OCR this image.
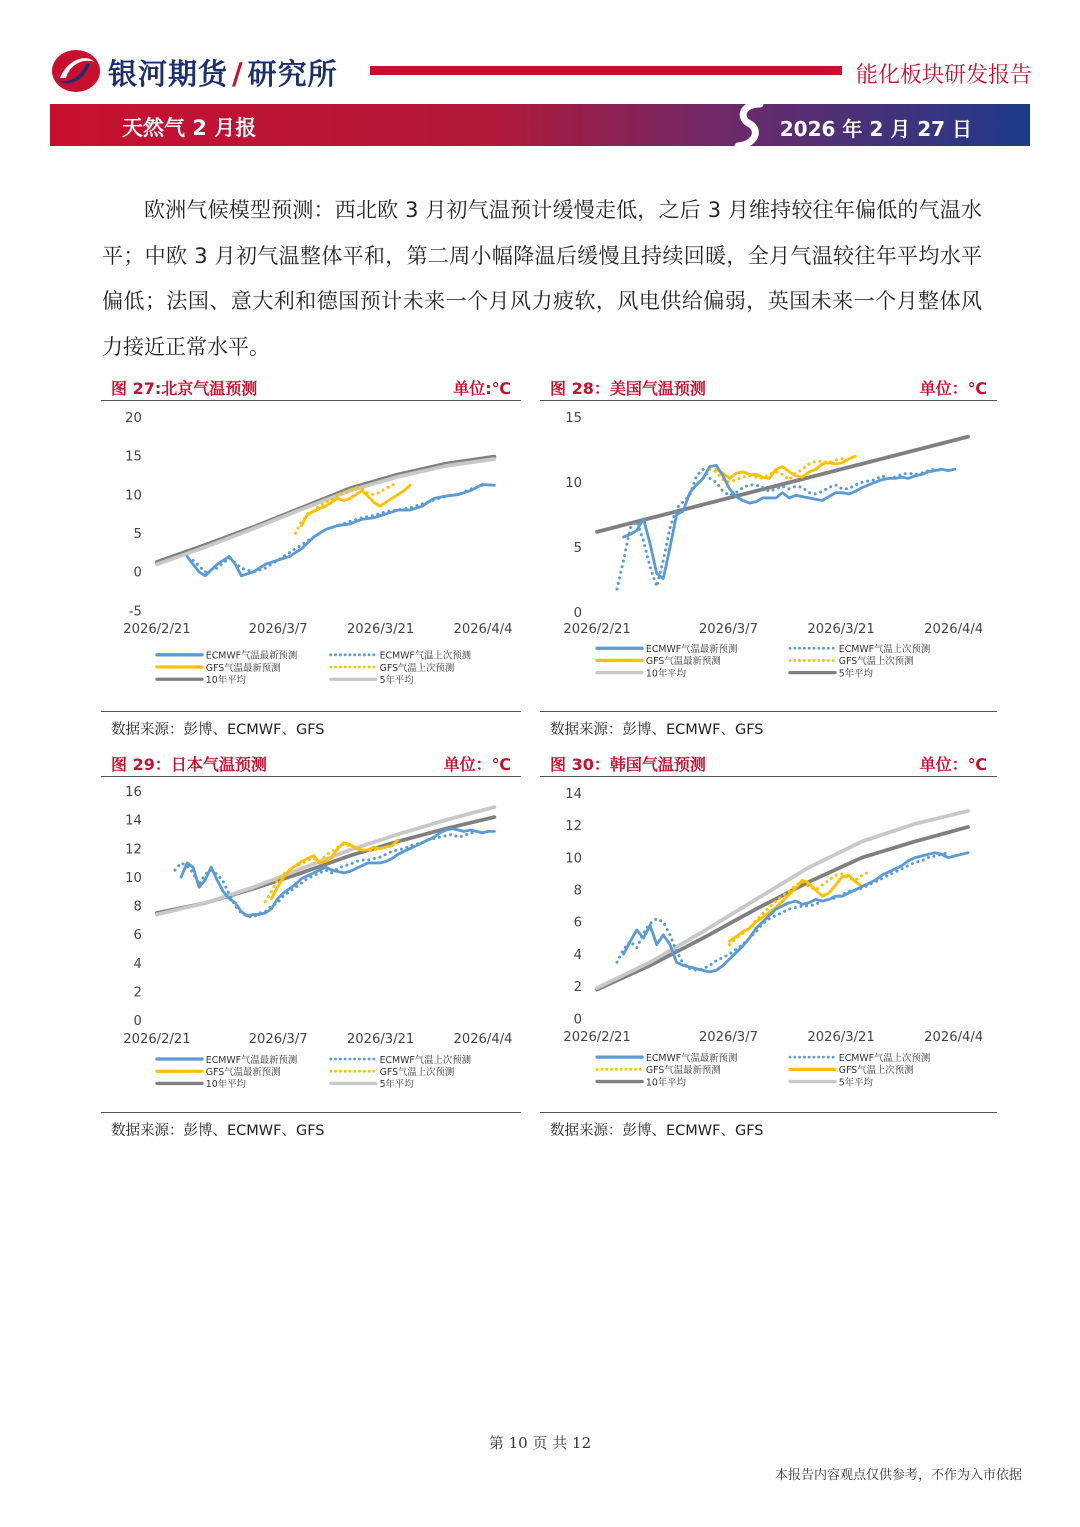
银河期货 / 研究所	能化板块研发报告
天然气 2 月报	2026 年 2 月 27 日

欧洲气候模型预测：西北欧 3 月初气温预计缓慢走低，之后 3 月维持较往年偏低的气温水平；中欧 3 月初气温整体平和，第二周小幅降温后缓慢且持续回暖，全月气温较往年平均水平偏低；法国、意大利和德国预计未来一个月风力疲软，风电供给偏弱，英国未来一个月整体风力接近正常水平。

图 27:北京气温预测	单位:℃
20
15
10
5
0
-5
2026/2/21	2026/3/7	2026/3/21	2026/4/4
ECMWF气温最新预测	ECMWF气温上次预测
GFS气温最新预测	GFS气温上次预测
10年平均	5年平均
数据来源：彭博、ECMWF、GFS
图 28：美国气温预测	单位：℃
15
10
5
0
2026/2/21	2026/3/7	2026/3/21	2026/4/4
ECMWF气温最新预测	ECMWF气温上次预测
GFS气温最新预测	GFS气温上次预测
10年平均	5年平均
数据来源：彭博、ECMWF、GFS
图 29：日本气温预测	单位：℃
16
14
12
10
8
6
4
2
0
2026/2/21	2026/3/7	2026/3/21	2026/4/4
ECMWF气温最新预测	ECMWF气温上次预测
GFS气温最新预测	GFS气温上次预测
10年平均	5年平均
数据来源：彭博、ECMWF、GFS
图 30：韩国气温预测	单位：℃
14
12
10
8
6
4
2
0
2026/2/21	2026/3/7	2026/3/21	2026/4/4
ECMWF气温最新预测	ECMWF气温上次预测
GFS气温最新预测	GFS气温上次预测
10年平均	5年平均
数据来源：彭博、ECMWF、GFS
第 10 页 共 12
本报告内容观点仅供参考，不作为入市依据
